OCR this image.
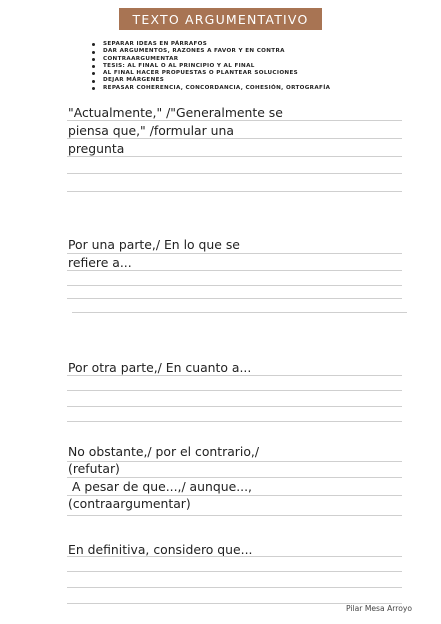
TEXTO ARGUMENTATIVO
SEPARAR IDEAS EN PÁRRAFOS
DAR ARGUMENTOS, RAZONES A FAVOR Y EN CONTRA
CONTRAARGUMENTAR
TESIS: AL FINAL O AL PRINCIPIO Y AL FINAL
AL FINAL HACER PROPUESTAS O PLANTEAR SOLUCIONES
DEJAR MÁRGENES
REPASAR COHERENCIA, CONCORDANCIA, COHESIÓN, ORTOGRAFÍA
"Actualmente," /"Generalmente se
piensa que," /formular una
pregunta
Por una parte,/ En lo que se
refiere a...
Por otra parte,/ En cuanto a...
No obstante,/ por el contrario,/
(refutar)
A pesar de que...,/ aunque...,
(contraargumentar)
En definitiva, considero que...
Pilar Mesa Arroyo
